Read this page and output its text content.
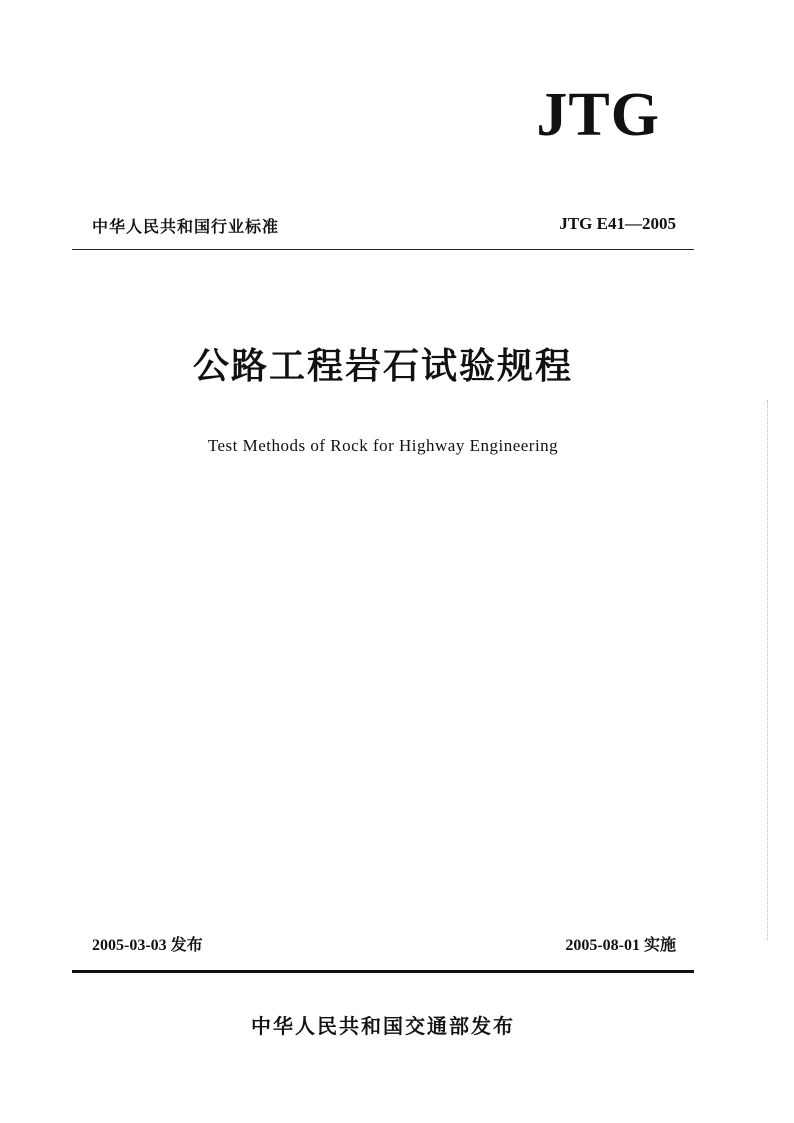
JTG
中华人民共和国行业标准	JTG E41—2005
公路工程岩石试验规程
Test Methods of Rock for Highway Engineering
2005-03-03 发布	2005-08-01 实施
中华人民共和国交通部发布
